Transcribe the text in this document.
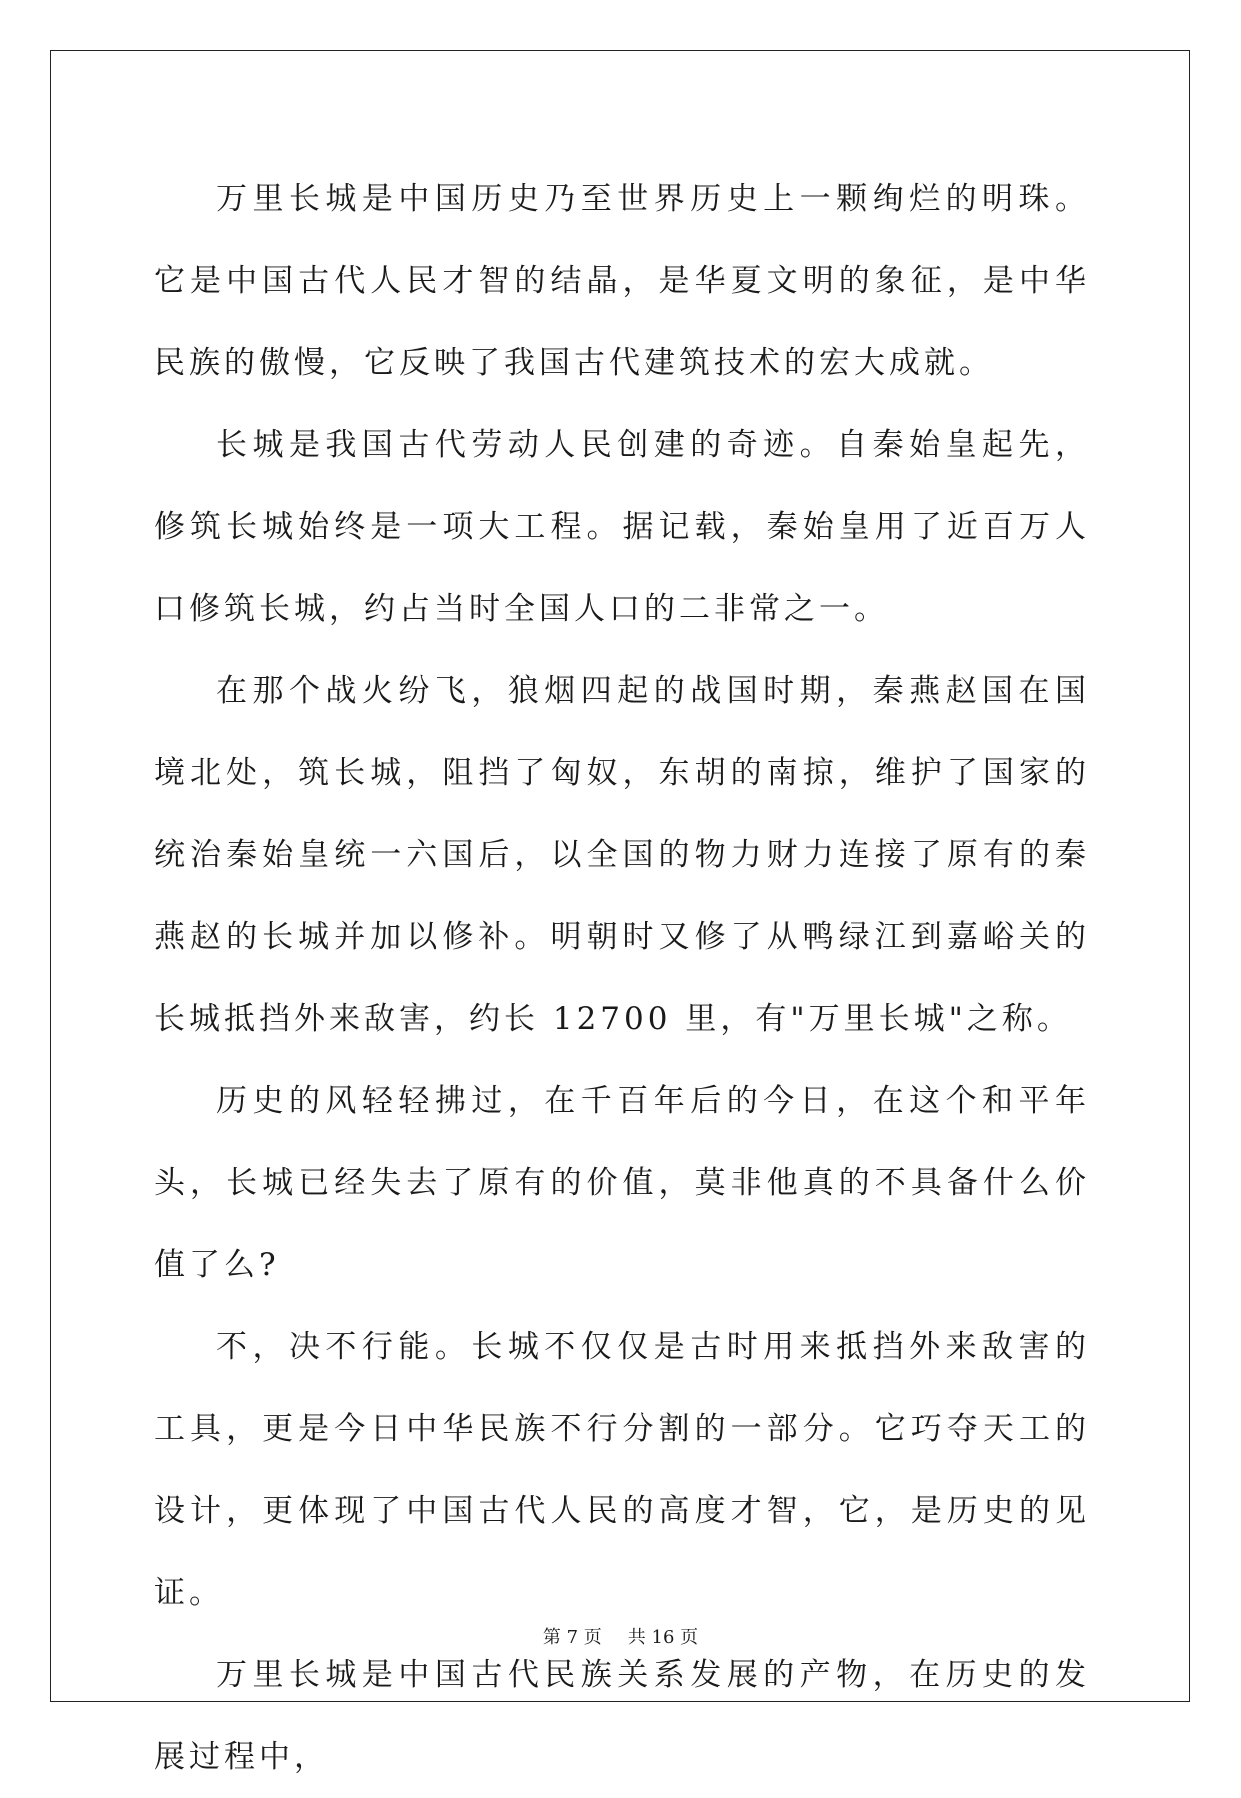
万里长城是中国历史乃至世界历史上一颗绚烂的明珠。它是中国古代人民才智的结晶，是华夏文明的象征，是中华民族的傲慢，它反映了我国古代建筑技术的宏大成就。

长城是我国古代劳动人民创建的奇迹。自秦始皇起先，修筑长城始终是一项大工程。据记载，秦始皇用了近百万人口修筑长城，约占当时全国人口的二非常之一。

在那个战火纷飞，狼烟四起的战国时期，秦燕赵国在国境北处，筑长城，阻挡了匈奴，东胡的南掠，维护了国家的统治秦始皇统一六国后，以全国的物力财力连接了原有的秦燕赵的长城并加以修补。明朝时又修了从鸭绿江到嘉峪关的长城抵挡外来敌害，约长 12700 里，有"万里长城"之称。

历史的风轻轻拂过，在千百年后的今日，在这个和平年头，长城已经失去了原有的价值，莫非他真的不具备什么价值了么?

不，决不行能。长城不仅仅是古时用来抵挡外来敌害的工具，更是今日中华民族不行分割的一部分。它巧夺天工的设计，更体现了中国古代人民的高度才智，它，是历史的见证。

万里长城是中国古代民族关系发展的产物，在历史的发展过程中，

第 7 页 共 16 页
